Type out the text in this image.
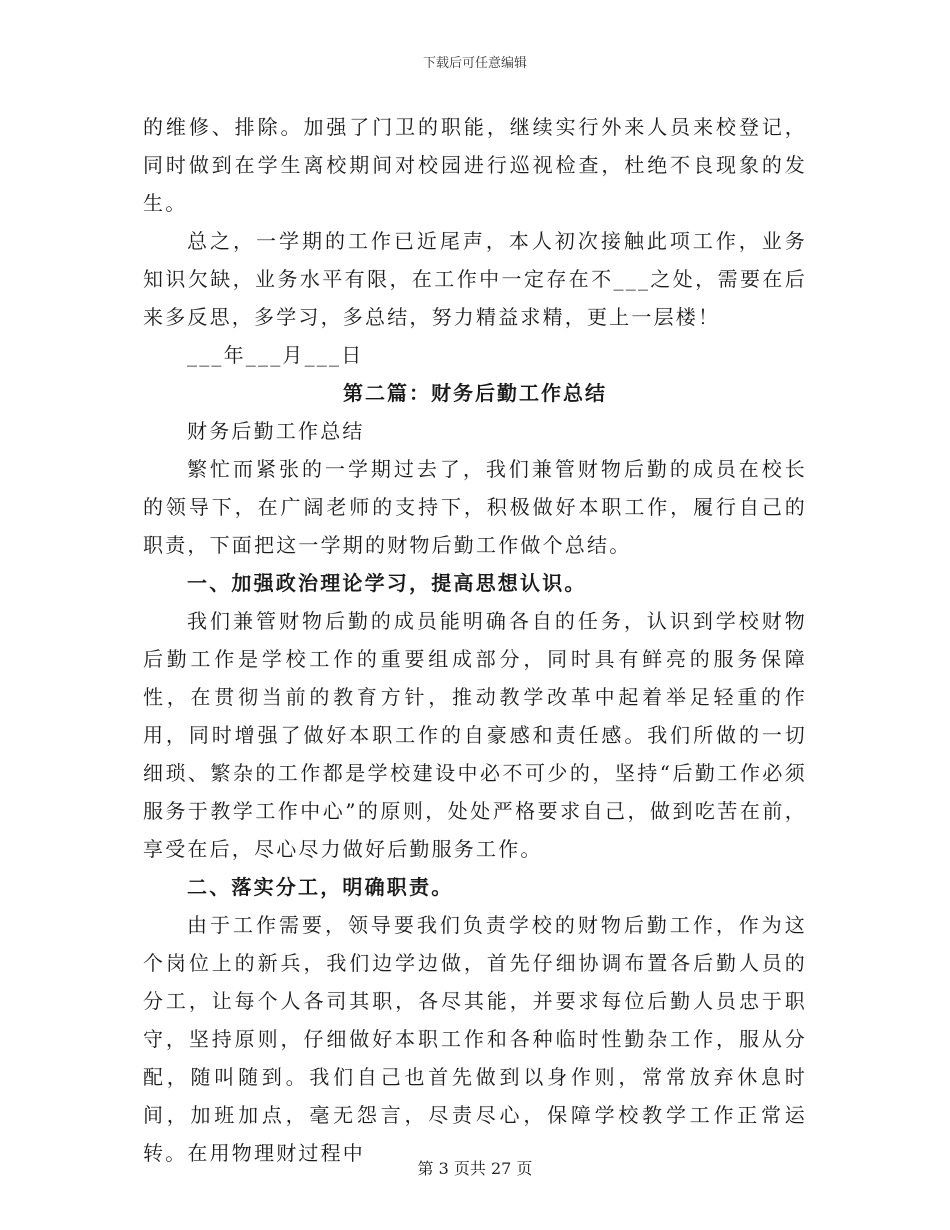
下载后可任意编辑

的维修、排除。加强了门卫的职能，继续实行外来人员来校登记，同时做到在学生离校期间对校园进行巡视检查，杜绝不良现象的发生。

总之，一学期的工作已近尾声，本人初次接触此项工作，业务知识欠缺，业务水平有限，在工作中一定存在不___之处，需要在后来多反思，多学习，多总结，努力精益求精，更上一层楼！

___年___月___日

第二篇：财务后勤工作总结

财务后勤工作总结

繁忙而紧张的一学期过去了，我们兼管财物后勤的成员在校长的领导下，在广阔老师的支持下，积极做好本职工作，履行自己的职责，下面把这一学期的财物后勤工作做个总结。

一、加强政治理论学习，提高思想认识。

我们兼管财物后勤的成员能明确各自的任务，认识到学校财物后勤工作是学校工作的重要组成部分，同时具有鲜亮的服务保障性，在贯彻当前的教育方针，推动教学改革中起着举足轻重的作用，同时增强了做好本职工作的自豪感和责任感。我们所做的一切细琐、繁杂的工作都是学校建设中必不可少的，坚持“后勤工作必须服务于教学工作中心”的原则，处处严格要求自己，做到吃苦在前，享受在后，尽心尽力做好后勤服务工作。

二、落实分工，明确职责。

由于工作需要，领导要我们负责学校的财物后勤工作，作为这个岗位上的新兵，我们边学边做，首先仔细协调布置各后勤人员的分工，让每个人各司其职，各尽其能，并要求每位后勤人员忠于职守，坚持原则，仔细做好本职工作和各种临时性勤杂工作，服从分配，随叫随到。我们自己也首先做到以身作则，常常放弃休息时间，加班加点，毫无怨言，尽责尽心，保障学校教学工作正常运转。在用物理财过程中

第 3 页共 27 页
